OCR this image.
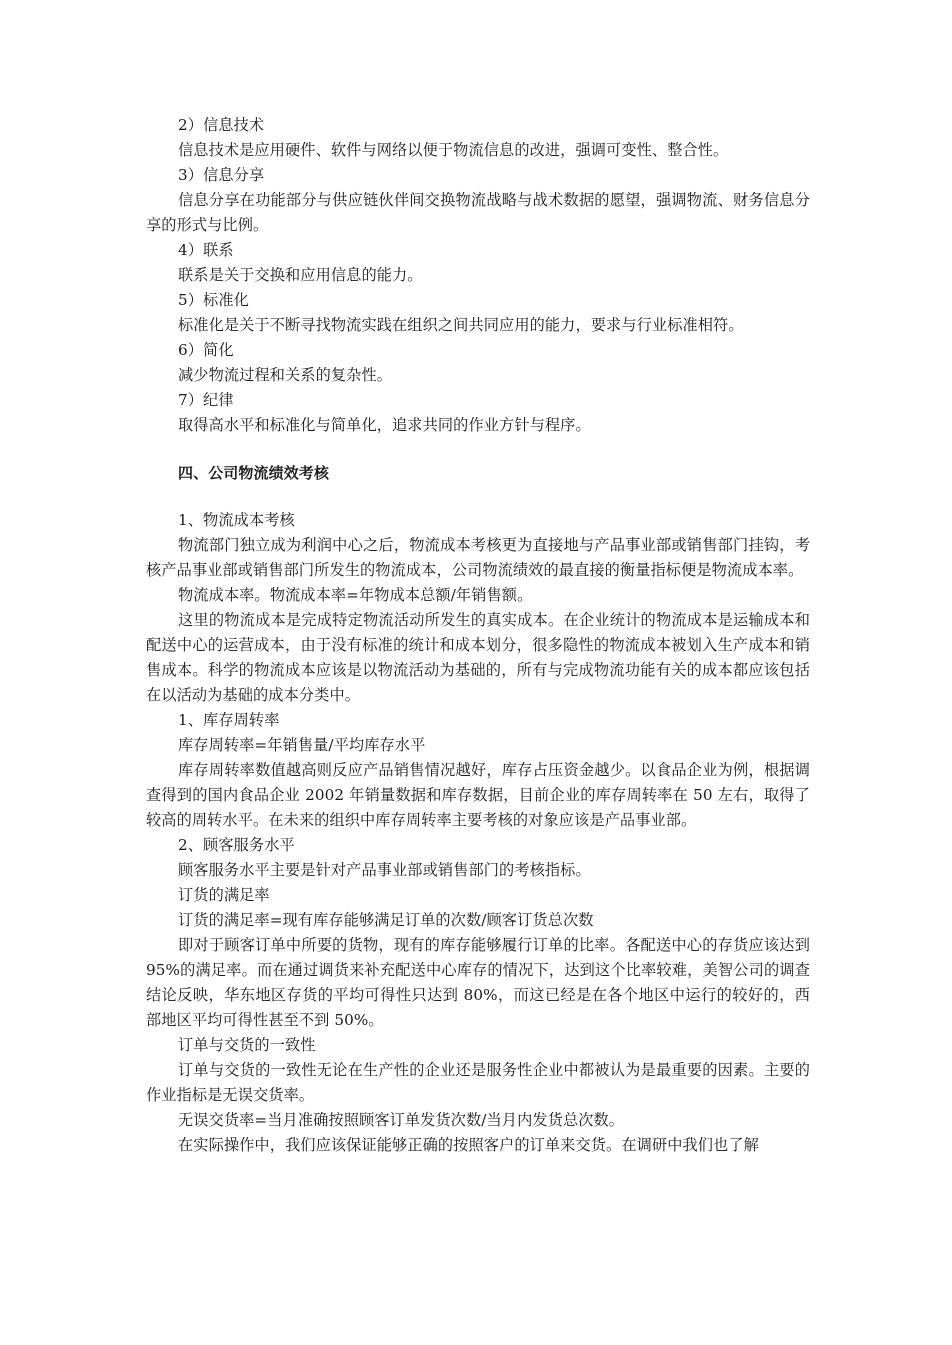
2）信息技术

信息技术是应用硬件、软件与网络以便于物流信息的改进，强调可变性、整合性。

3）信息分享

信息分享在功能部分与供应链伙伴间交换物流战略与战术数据的愿望，强调物流、财务信息分享的形式与比例。

4）联系

联系是关于交换和应用信息的能力。

5）标准化

标准化是关于不断寻找物流实践在组织之间共同应用的能力，要求与行业标准相符。

6）简化

减少物流过程和关系的复杂性。

7）纪律

取得高水平和标准化与简单化，追求共同的作业方针与程序。

四、公司物流绩效考核

1、物流成本考核

物流部门独立成为利润中心之后，物流成本考核更为直接地与产品事业部或销售部门挂钩，考核产品事业部或销售部门所发生的物流成本，公司物流绩效的最直接的衡量指标便是物流成本率。

物流成本率。物流成本率=年物成本总额/年销售额。

这里的物流成本是完成特定物流活动所发生的真实成本。在企业统计的物流成本是运输成本和配送中心的运营成本，由于没有标准的统计和成本划分，很多隐性的物流成本被划入生产成本和销售成本。科学的物流成本应该是以物流活动为基础的，所有与完成物流功能有关的成本都应该包括在以活动为基础的成本分类中。

1、库存周转率

库存周转率=年销售量/平均库存水平

库存周转率数值越高则反应产品销售情况越好，库存占压资金越少。以食品企业为例，根据调查得到的国内食品企业 2002 年销量数据和库存数据，目前企业的库存周转率在 50 左右，取得了较高的周转水平。在未来的组织中库存周转率主要考核的对象应该是产品事业部。

2、顾客服务水平

顾客服务水平主要是针对产品事业部或销售部门的考核指标。

订货的满足率

订货的满足率=现有库存能够满足订单的次数/顾客订货总次数

即对于顾客订单中所要的货物，现有的库存能够履行订单的比率。各配送中心的存货应该达到 95%的满足率。而在通过调货来补充配送中心库存的情况下，达到这个比率较难，美智公司的调查结论反映，华东地区存货的平均可得性只达到 80%，而这已经是在各个地区中运行的较好的，西部地区平均可得性甚至不到 50%。

订单与交货的一致性

订单与交货的一致性无论在生产性的企业还是服务性企业中都被认为是最重要的因素。主要的作业指标是无误交货率。

无误交货率=当月准确按照顾客订单发货次数/当月内发货总次数。

在实际操作中，我们应该保证能够正确的按照客户的订单来交货。在调研中我们也了解
